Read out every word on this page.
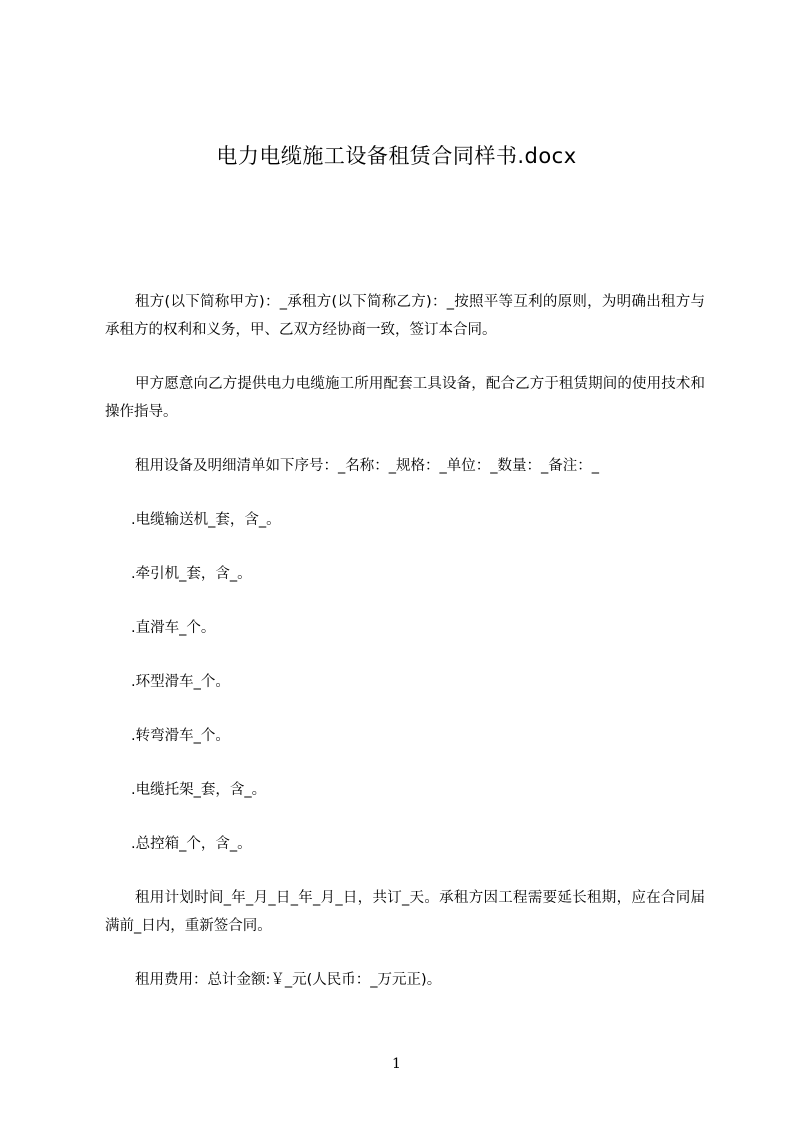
电力电缆施工设备租赁合同样书.docx

租方(以下简称甲方)：_承租方(以下简称乙方)：_按照平等互利的原则，为明确出租方与承租方的权利和义务，甲、乙双方经协商一致，签订本合同。

甲方愿意向乙方提供电力电缆施工所用配套工具设备，配合乙方于租赁期间的使用技术和操作指导。

租用设备及明细清单如下序号：_名称：_规格：_单位：_数量：_备注：_

.电缆输送机_套，含_。

.牵引机_套，含_。

.直滑车_个。

.环型滑车_个。

.转弯滑车_个。

.电缆托架_套，含_。

.总控箱_个，含_。

租用计划时间_年_月_日_年_月_日，共订_天。承租方因工程需要延长租期，应在合同届满前_日内，重新签合同。

租用费用：总计金额:￥_元(人民币：_万元正)。

1
